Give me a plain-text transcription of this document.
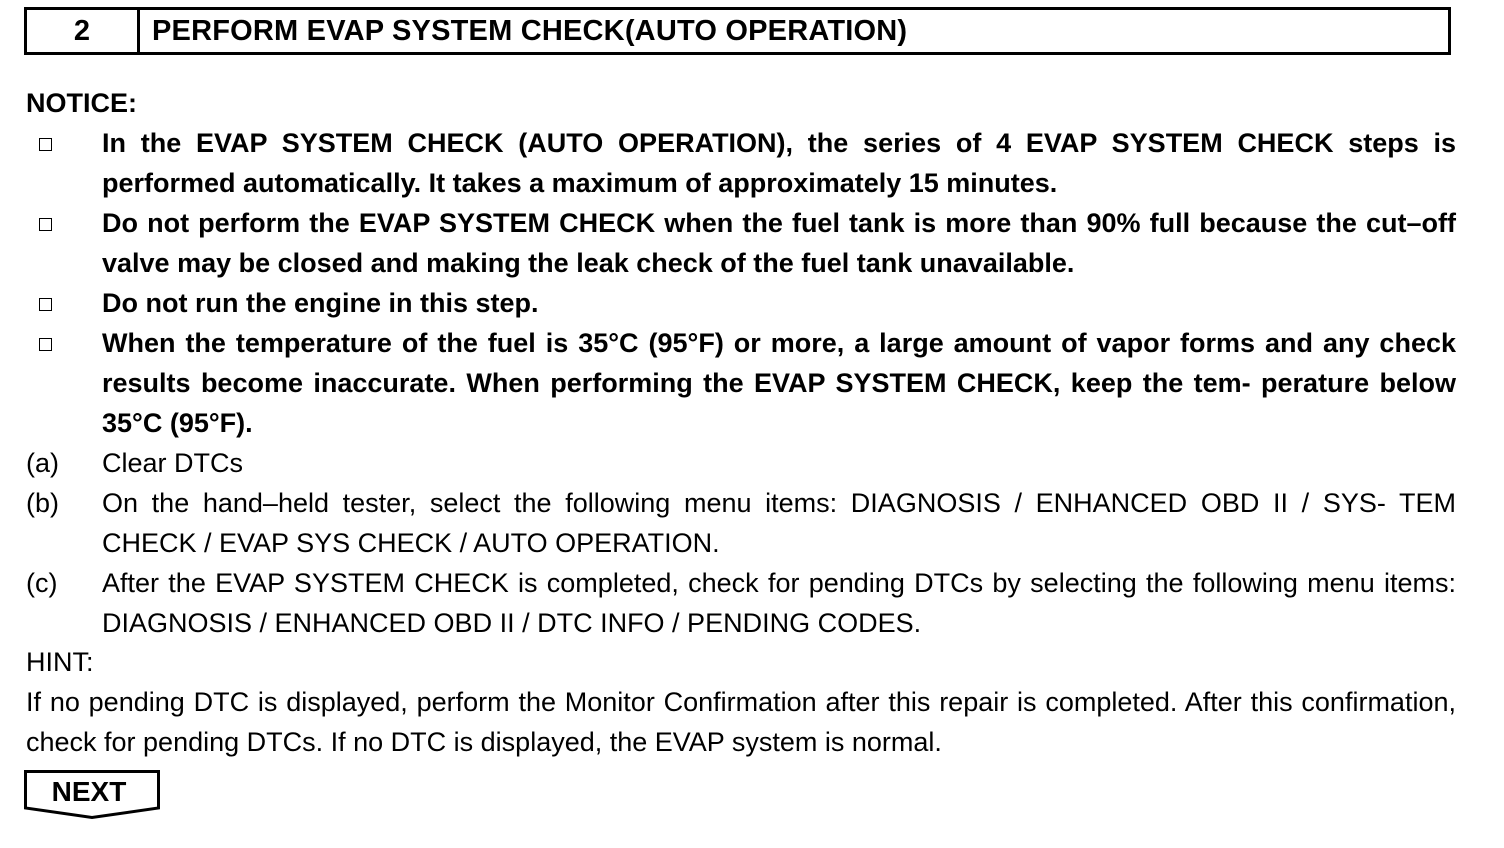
2	PERFORM EVAP SYSTEM CHECK(AUTO OPERATION)
NOTICE:
In the EVAP SYSTEM CHECK (AUTO OPERATION), the series of 4 EVAP SYSTEM CHECK steps is performed automatically. It takes a maximum of approximately 15 minutes.
Do not perform the EVAP SYSTEM CHECK when the fuel tank is more than 90% full because the cut–off valve may be closed and making the leak check of the fuel tank unavailable.
Do not run the engine in this step.
When the temperature of the fuel is 35°C (95°F) or more, a large amount of vapor forms and any check results become inaccurate. When performing the EVAP SYSTEM CHECK, keep the tem- perature below 35°C (95°F).
(a) Clear DTCs
(b) On the hand–held tester, select the following menu items: DIAGNOSIS / ENHANCED OBD II / SYS- TEM CHECK / EVAP SYS CHECK / AUTO OPERATION.
(c) After the EVAP SYSTEM CHECK is completed, check for pending DTCs by selecting the following menu items: DIAGNOSIS / ENHANCED OBD II / DTC INFO / PENDING CODES.
HINT:
If no pending DTC is displayed, perform the Monitor Confirmation after this repair is completed. After this confirmation, check for pending DTCs. If no DTC is displayed, the EVAP system is normal.
NEXT
